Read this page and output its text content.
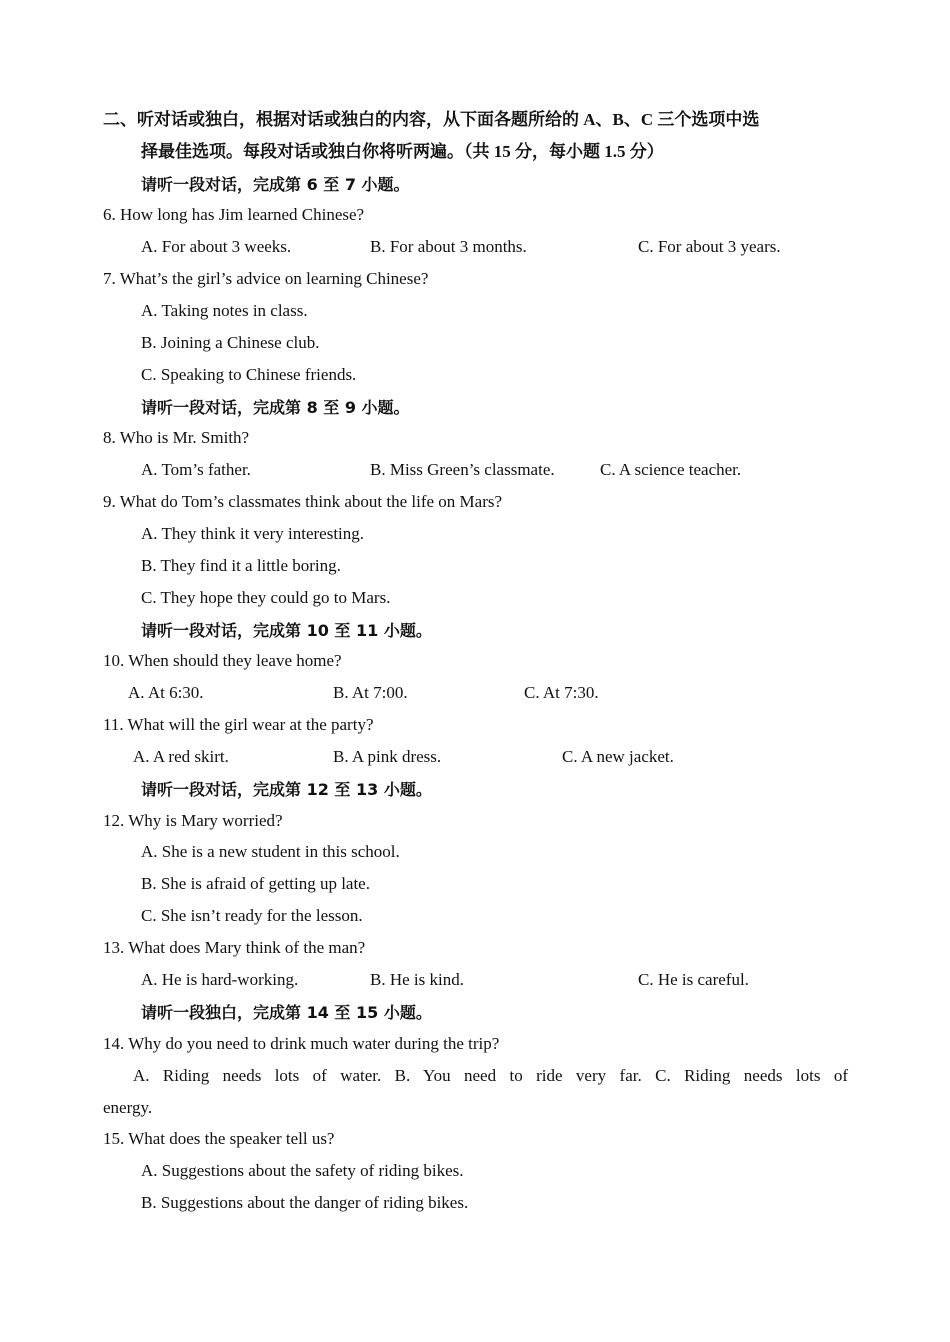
二、听对话或独白，根据对话或独白的内容，从下面各题所给的 A、B、C 三个选项中选
择最佳选项。每段对话或独白你将听两遍。（共 15 分，每小题 1.5 分）
请听一段对话，完成第 6 至 7 小题。
6. How long has Jim learned Chinese?
A. For about 3 weeks.	B. For about 3 months.	C. For about 3 years.
7. What’s the girl’s advice on learning Chinese?
A. Taking notes in class.
B. Joining a Chinese club.
C. Speaking to Chinese friends.
请听一段对话，完成第 8 至 9 小题。
8. Who is Mr. Smith?
A. Tom’s father.	B. Miss Green’s classmate.	C. A science teacher.
9. What do Tom’s classmates think about the life on Mars?
A. They think it very interesting.
B. They find it a little boring.
C. They hope they could go to Mars.
请听一段对话，完成第 10 至 11 小题。
10. When should they leave home?
A. At 6:30.	B. At 7:00.	C. At 7:30.
11. What will the girl wear at the party?
A. A red skirt.	B. A pink dress.	C. A new jacket.
请听一段对话，完成第 12 至 13 小题。
12. Why is Mary worried?
A. She is a new student in this school.
B. She is afraid of getting up late.
C. She isn’t ready for the lesson.
13. What does Mary think of the man?
A. He is hard-working.	B. He is kind.	C. He is careful.
请听一段独白，完成第 14 至 15 小题。
14. Why do you need to drink much water during the trip?
A. Riding needs lots of water. B. You need to ride very far. C. Riding needs lots of
energy.
15. What does the speaker tell us?
A. Suggestions about the safety of riding bikes.
B. Suggestions about the danger of riding bikes.
